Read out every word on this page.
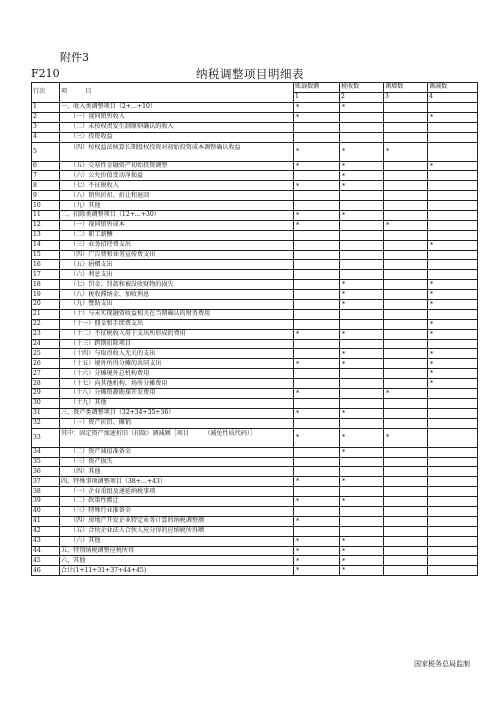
附件3
F210	纳税调整项目明细表
行次	项　　　目	账载数额	税收数	调增数	调减数
		1	2	3	4
1	一、收入类调整项目（2+…+10）	*	*		
2	（一）视同销售收入	*			*
3	（二）未按权责发生制原则确认的收入				
4	（三）投资收益				
5	（四）按权益法核算长期股权投资对初始投资成本调整确认收益	*	*	*	
6	（五）交易性金融资产初始投资调整	*	*		*
7	（六）公允价值变动净损益		*		
8	（七）不征税收入	*	*		
9	（八）销售折扣、折让和退回				
10	（九）其他				
11	二、扣除类调整项目（12+…+30）	*	*		
12	（一）视同销售成本	*		*	
13	（二）职工薪酬				
14	（三）业务招待费支出				*
15	（四）广告费和业务宣传费支出				
16	（五）捐赠支出				
17	（六）利息支出				
18	（七）罚金、罚款和被没收财物的损失		*		*
19	（八）税收滞纳金、加收利息		*		*
20	（九）赞助支出		*		*
21	（十）与未实现融资收益相关在当期确认的财务费用				
22	（十一）佣金和手续费支出				*
23	（十二）不征税收入用于支出所形成的费用	*	*		*
24	（十三）跨期扣除项目				
25	（十四）与取得收入无关的支出		*		*
26	（十五）境外所得分摊的共同支出	*	*		*
27	（十六）分摊境外总机构费用				*
28	（十七）向其他机构、场所分摊费用				*
29	（十八）分摊资源勘探开发费用	*		*	
30	（十九）其他				
31	三、资产类调整项目（32+34+35+36）	*	*		
32	（一）资产折旧、摊销				
33	其中：固定资产加速折旧（扣除）调减额［项目　　　（减免性质代码）］	*	*	*	
34	（二）资产减值准备金		*		
35	（三）资产损失				
36	（四）其他				
37	四、特殊事项调整项目（38+…+43）	*	*		
38	（一）企业重组及递延纳税事项				
39	（二）政策性搬迁	*	*		
40	（三）特殊行业准备金				
41	（四）房地产开发企业特定业务计算的纳税调整额	*			
42	（五）合伙企业法人合伙人应分得的应纳税所得额				
43	（六）其他	*	*		
44	五、特别纳税调整应税所得	*	*		
45	六、其他	*	*		
46	合计(1+11+31+37+44+45)	*	*		
国家税务总局监制
